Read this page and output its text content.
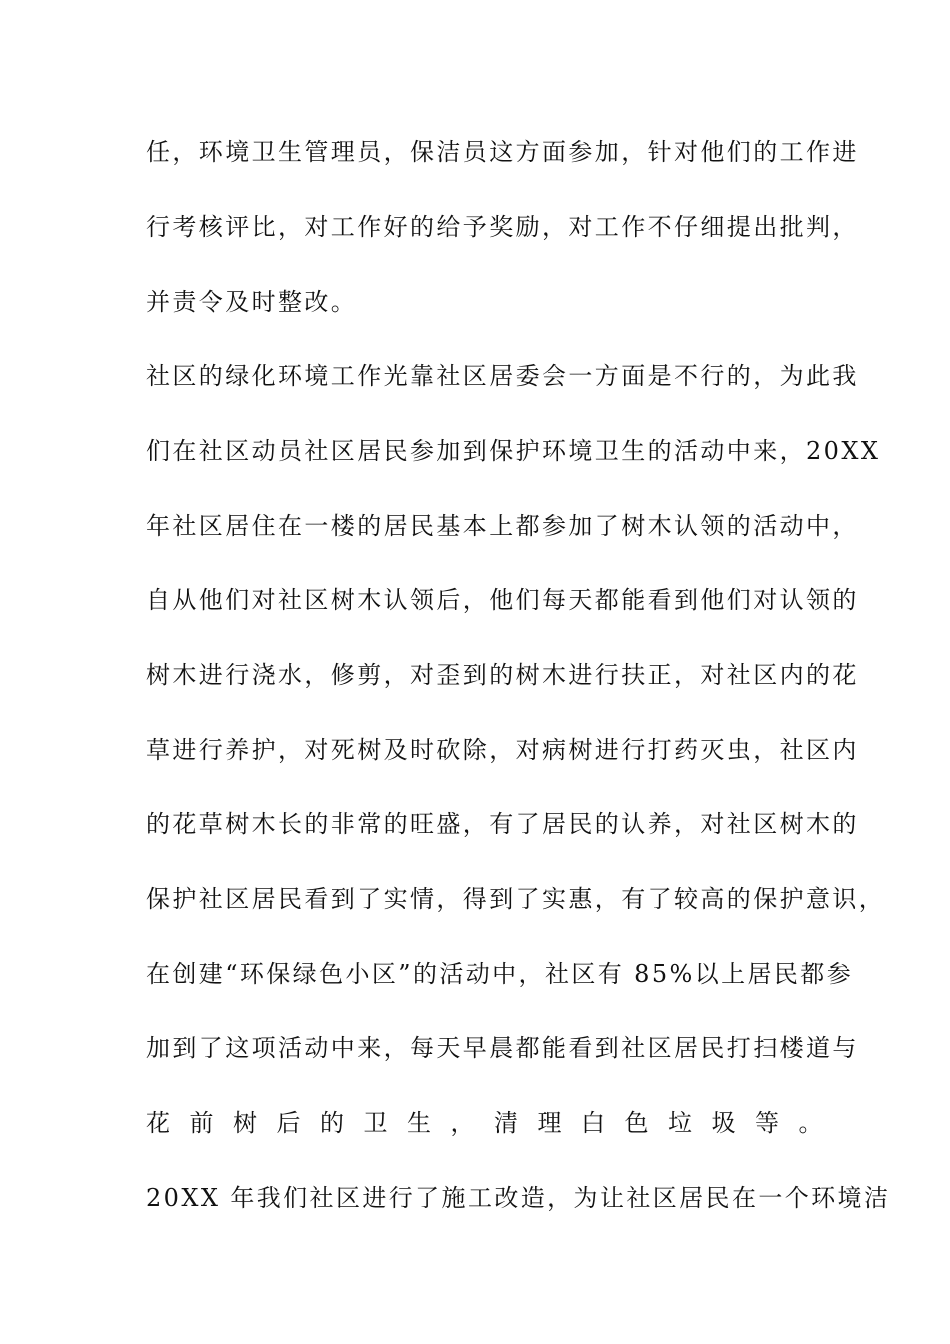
任，环境卫生管理员，保洁员这方面参加，针对他们的工作进
行考核评比，对工作好的给予奖励，对工作不仔细提出批判，
并责令及时整改。
社区的绿化环境工作光靠社区居委会一方面是不行的，为此我
们在社区动员社区居民参加到保护环境卫生的活动中来，20XX
年社区居住在一楼的居民基本上都参加了树木认领的活动中，
自从他们对社区树木认领后，他们每天都能看到他们对认领的
树木进行浇水，修剪，对歪到的树木进行扶正，对社区内的花
草进行养护，对死树及时砍除，对病树进行打药灭虫，社区内
的花草树木长的非常的旺盛，有了居民的认养，对社区树木的
保护社区居民看到了实情，得到了实惠，有了较高的保护意识，
在创建“环保绿色小区”的活动中，社区有 85%以上居民都参
加到了这项活动中来，每天早晨都能看到社区居民打扫楼道与
花前树后的卫生，清理白色垃圾等。
20XX 年我们社区进行了施工改造，为让社区居民在一个环境洁
